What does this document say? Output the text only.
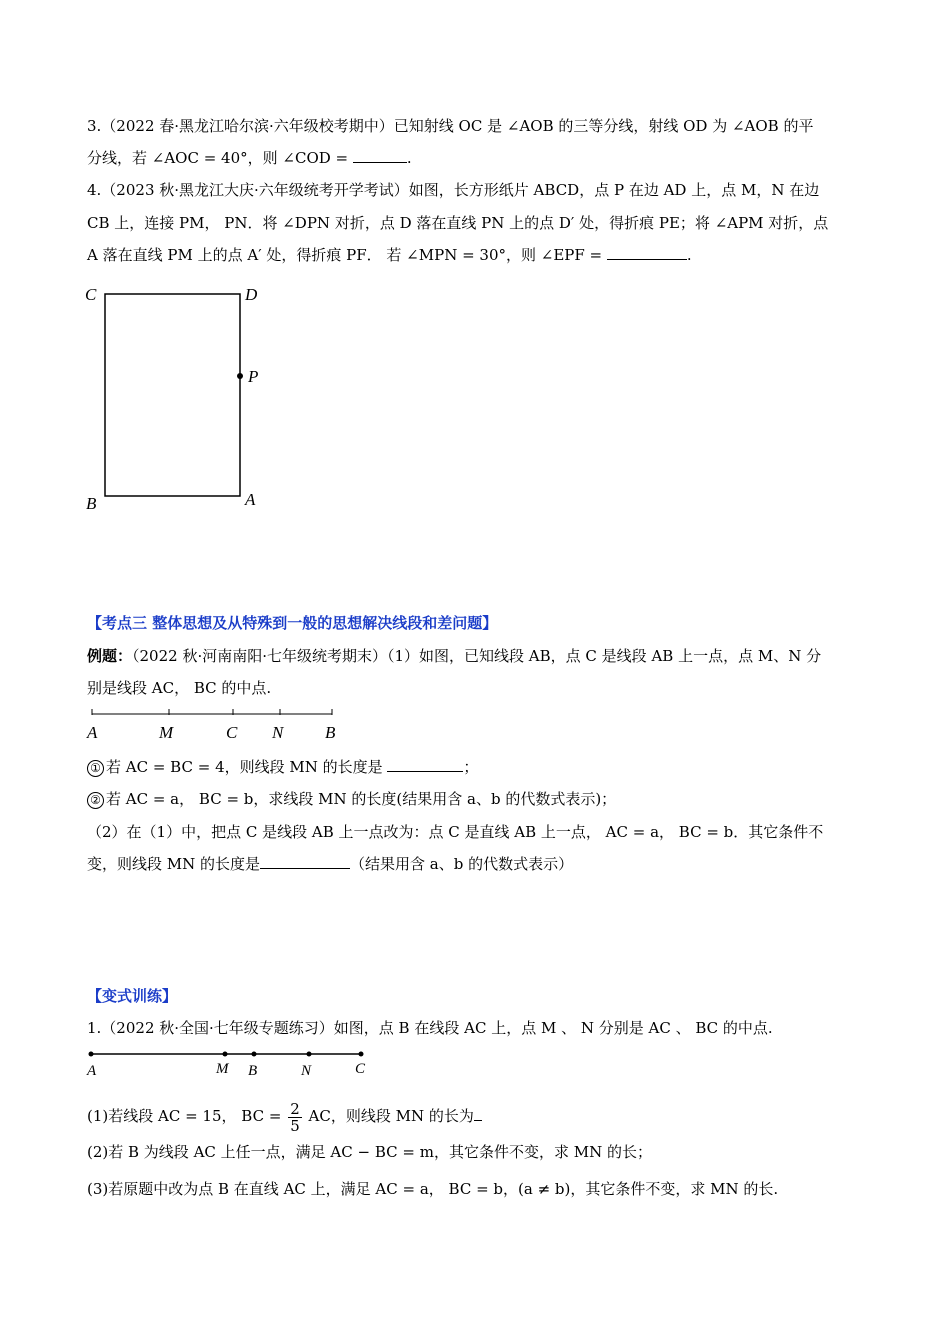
3.（2022 春·黑龙江哈尔滨·六年级校考期中）已知射线 OC 是 ∠AOB 的三等分线，射线 OD 为 ∠AOB 的平
分线，若 ∠AOC = 40°，则 ∠COD =	.
4.（2023 秋·黑龙江大庆·六年级统考开学考试）如图，长方形纸片 ABCD，点 P 在边 AD 上，点 M，N 在边
CB 上，连接 PM， PN．将 ∠DPN 对折，点 D 落在直线 PN 上的点 D′ 处，得折痕 PE；将 ∠APM 对折，点
A 落在直线 PM 上的点 A′ 处，得折痕 PF． 若 ∠MPN = 30°，则 ∠EPF =	.
C	D
P
B	A
【考点三 整体思想及从特殊到一般的思想解决线段和差问题】
例题：（2022 秋·河南南阳·七年级统考期末）（1）如图，已知线段 AB，点 C 是线段 AB 上一点，点 M、N 分
别是线段 AC， BC 的中点.
A	M	C N B
① 若 AC = BC = 4，则线段 MN 的长度是	；
② 若 AC = a， BC = b，求线段 MN 的长度(结果用含 a、b 的代数式表示)；
（2）在（1）中，把点 C 是线段 AB 上一点改为：点 C 是直线 AB 上一点， AC = a， BC = b．其它条件不
变，则线段 MN 的长度是	（结果用含 a、b 的代数式表示）
【变式训练】
1.（2022 秋·全国·七年级专题练习）如图，点 B 在线段 AC 上，点 M 、 N 分别是 AC 、 BC 的中点.
A	M B	N	C
(1)若线段 AC = 15， BC = $\frac{2}{5}$ AC，则线段 MN 的长为
(2)若 B 为线段 AC 上任一点，满足 AC − BC = m，其它条件不变，求 MN 的长；
(3)若原题中改为点 B 在直线 AC 上，满足 AC = a， BC = b，(a ≠ b)，其它条件不变，求 MN 的长.
